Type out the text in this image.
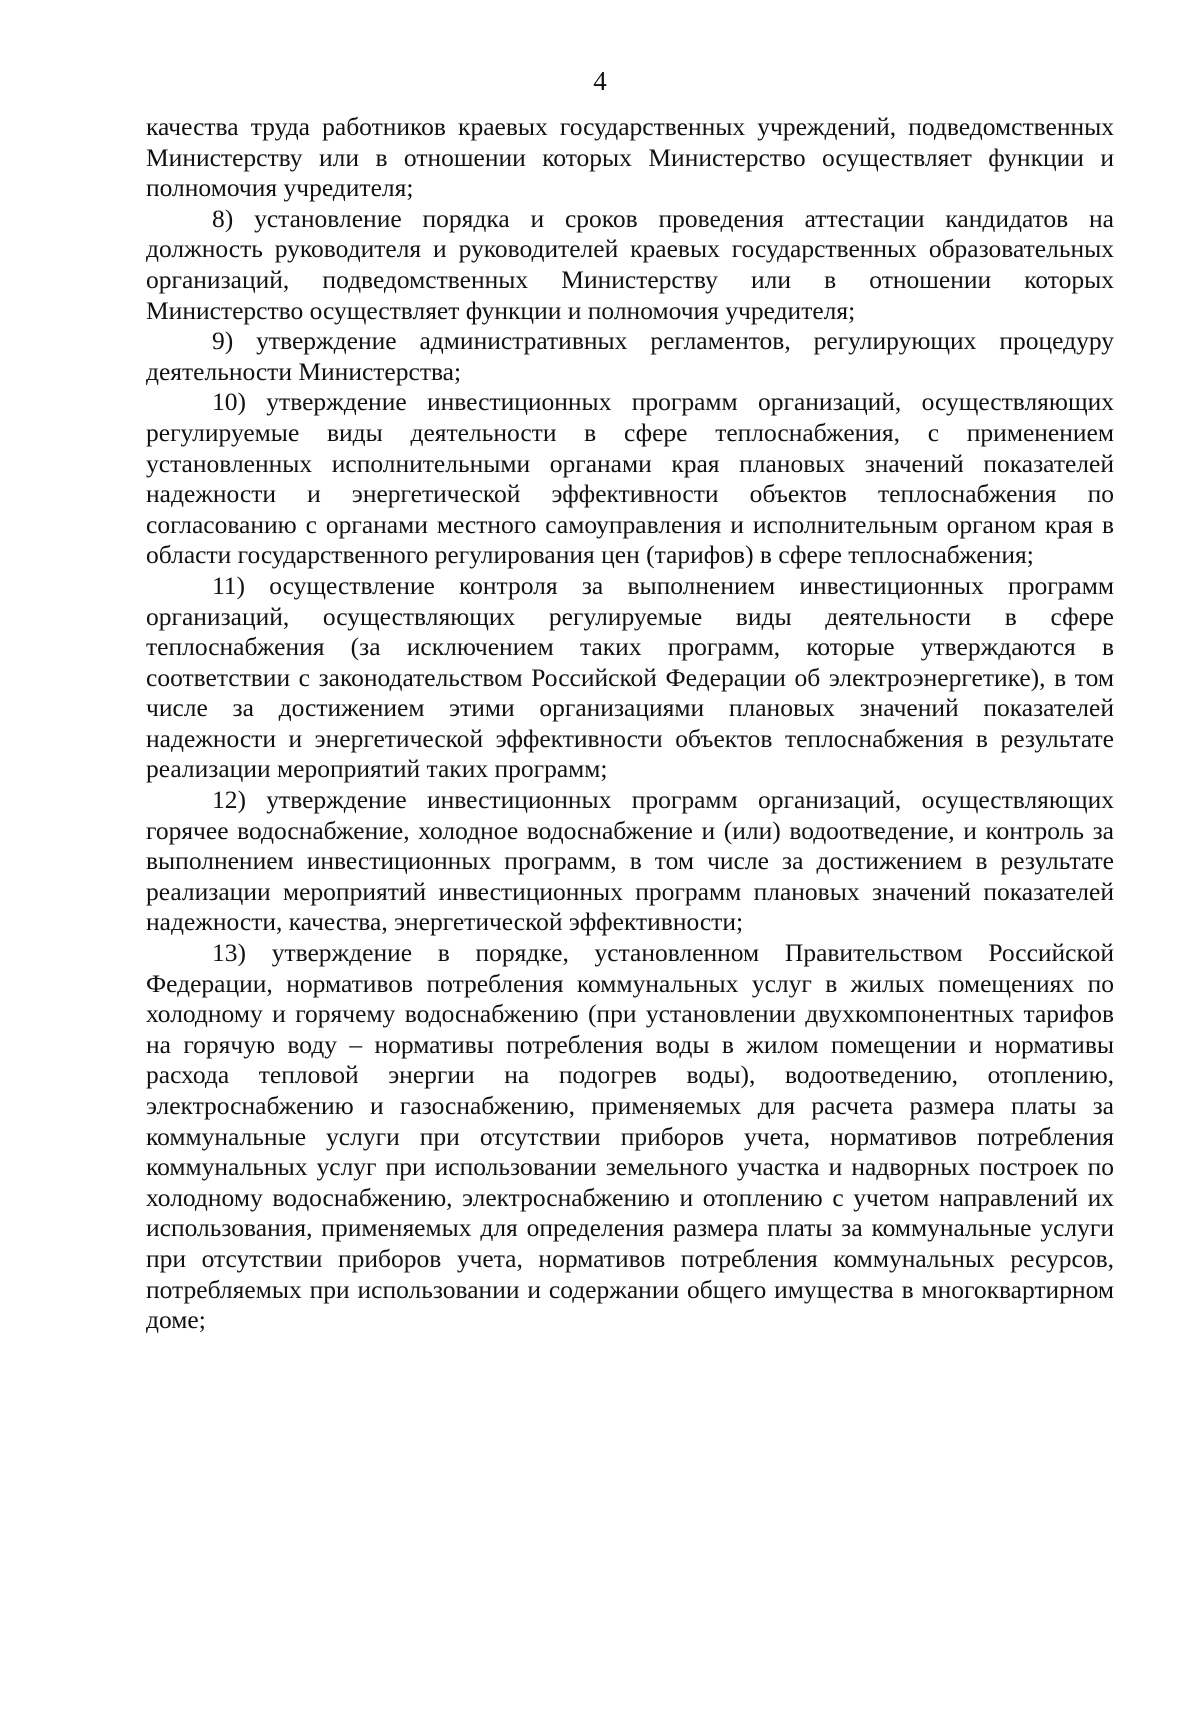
4

качества труда работников краевых государственных учреждений, подведомственных Министерству или в отношении которых Министерство осуществляет функции и полномочия учредителя;

8) установление порядка и сроков проведения аттестации кандидатов на должность руководителя и руководителей краевых государственных образовательных организаций, подведомственных Министерству или в отношении которых Министерство осуществляет функции и полномочия учредителя;

9) утверждение административных регламентов, регулирующих процедуру деятельности Министерства;

10) утверждение инвестиционных программ организаций, осуществляющих регулируемые виды деятельности в сфере теплоснабжения, с применением установленных исполнительными органами края плановых значений показателей надежности и энергетической эффективности объектов теплоснабжения по согласованию с органами местного самоуправления и исполнительным органом края в области государственного регулирования цен (тарифов) в сфере теплоснабжения;

11) осуществление контроля за выполнением инвестиционных программ организаций, осуществляющих регулируемые виды деятельности в сфере теплоснабжения (за исключением таких программ, которые утверждаются в соответствии с законодательством Российской Федерации об электроэнергетике), в том числе за достижением этими организациями плановых значений показателей надежности и энергетической эффективности объектов теплоснабжения в результате реализации мероприятий таких программ;

12) утверждение инвестиционных программ организаций, осуществляющих горячее водоснабжение, холодное водоснабжение и (или) водоотведение, и контроль за выполнением инвестиционных программ, в том числе за достижением в результате реализации мероприятий инвестиционных программ плановых значений показателей надежности, качества, энергетической эффективности;

13) утверждение в порядке, установленном Правительством Российской Федерации, нормативов потребления коммунальных услуг в жилых помещениях по холодному и горячему водоснабжению (при установлении двухкомпонентных тарифов на горячую воду – нормативы потребления воды в жилом помещении и нормативы расхода тепловой энергии на подогрев воды), водоотведению, отоплению, электроснабжению и газоснабжению, применяемых для расчета размера платы за коммунальные услуги при отсутствии приборов учета, нормативов потребления коммунальных услуг при использовании земельного участка и надворных построек по холодному водоснабжению, электроснабжению и отоплению с учетом направлений их использования, применяемых для определения размера платы за коммунальные услуги при отсутствии приборов учета, нормативов потребления коммунальных ресурсов, потребляемых при использовании и содержании общего имущества в многоквартирном доме;
